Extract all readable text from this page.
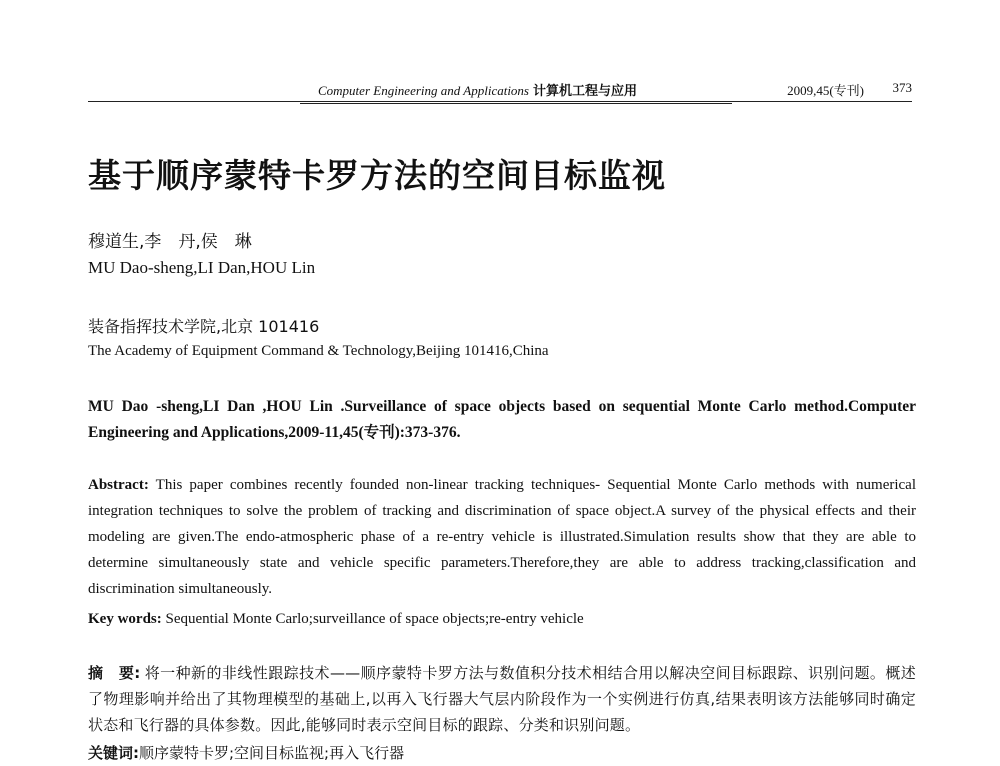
Computer Engineering and Applications 计算机工程与应用	2009,45(专刊) 373
基于顺序蒙特卡罗方法的空间目标监视
穆道生,李　丹,侯　琳
MU Dao-sheng,LI Dan,HOU Lin
装备指挥技术学院,北京 101416
The Academy of Equipment Command & Technology,Beijing 101416,China
MU Dao -sheng,LI Dan ,HOU Lin .Surveillance of space objects based on sequential Monte Carlo method.Computer Engineering and Applications,2009-11,45(专刊):373-376.
Abstract: This paper combines recently founded non-linear tracking techniques- Sequential Monte Carlo methods with numerical integration techniques to solve the problem of tracking and discrimination of space object.A survey of the physical effects and their modeling are given.The endo-atmospheric phase of a re-entry vehicle is illustrated.Simulation results show that they are able to determine simultaneously state and vehicle specific parameters.Therefore,they are able to address tracking,classification and discrimination simultaneously.
Key words: Sequential Monte Carlo;surveillance of space objects;re-entry vehicle
摘　要: 将一种新的非线性跟踪技术——顺序蒙特卡罗方法与数值积分技术相结合用以解决空间目标跟踪、识别问题。概述了物理影响并给出了其物理模型的基础上,以再入飞行器大气层内阶段作为一个实例进行仿真,结果表明该方法能够同时确定状态和飞行器的具体参数。因此,能够同时表示空间目标的跟踪、分类和识别问题。
关键词:顺序蒙特卡罗;空间目标监视;再入飞行器
